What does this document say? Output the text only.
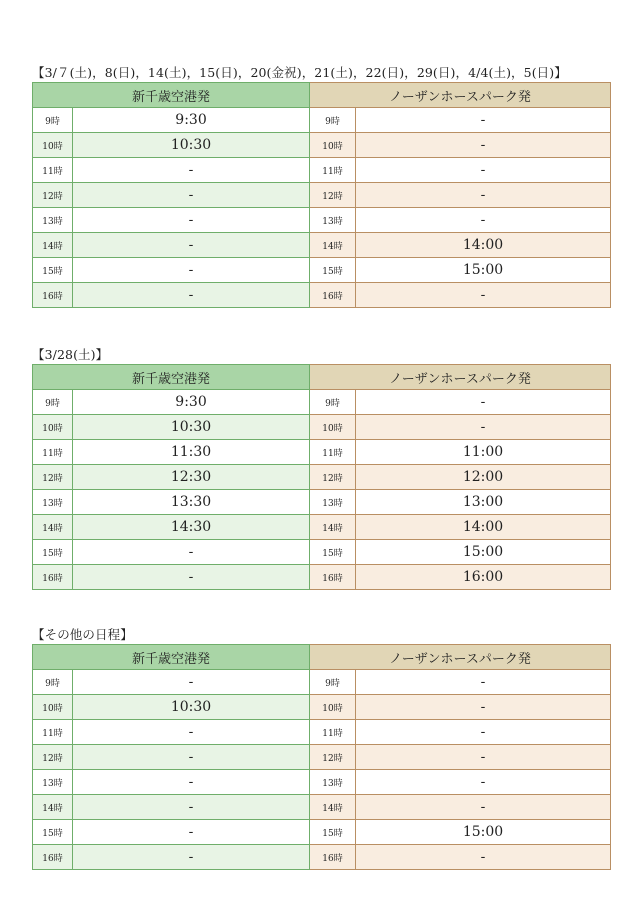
【3/７(土)，8(日)，14(土)，15(日)，20(金祝)，21(土)，22(日)，29(日)，4/4(土)，5(日)】
新千歳空港発		ノーザンホースパーク発	
9時	9:30	9時	-
10時	10:30	10時	-
11時	-	11時	-
12時	-	12時	-
13時	-	13時	-
14時	-	14時	14:00
15時	-	15時	15:00
16時	-	16時	-
【3/28(土)】
新千歳空港発		ノーザンホースパーク発	
9時	9:30	9時	-
10時	10:30	10時	-
11時	11:30	11時	11:00
12時	12:30	12時	12:00
13時	13:30	13時	13:00
14時	14:30	14時	14:00
15時	-	15時	15:00
16時	-	16時	16:00
【その他の日程】
新千歳空港発		ノーザンホースパーク発	
9時	-	9時	-
10時	10:30	10時	-
11時	-	11時	-
12時	-	12時	-
13時	-	13時	-
14時	-	14時	-
15時	-	15時	15:00
16時	-	16時	-
